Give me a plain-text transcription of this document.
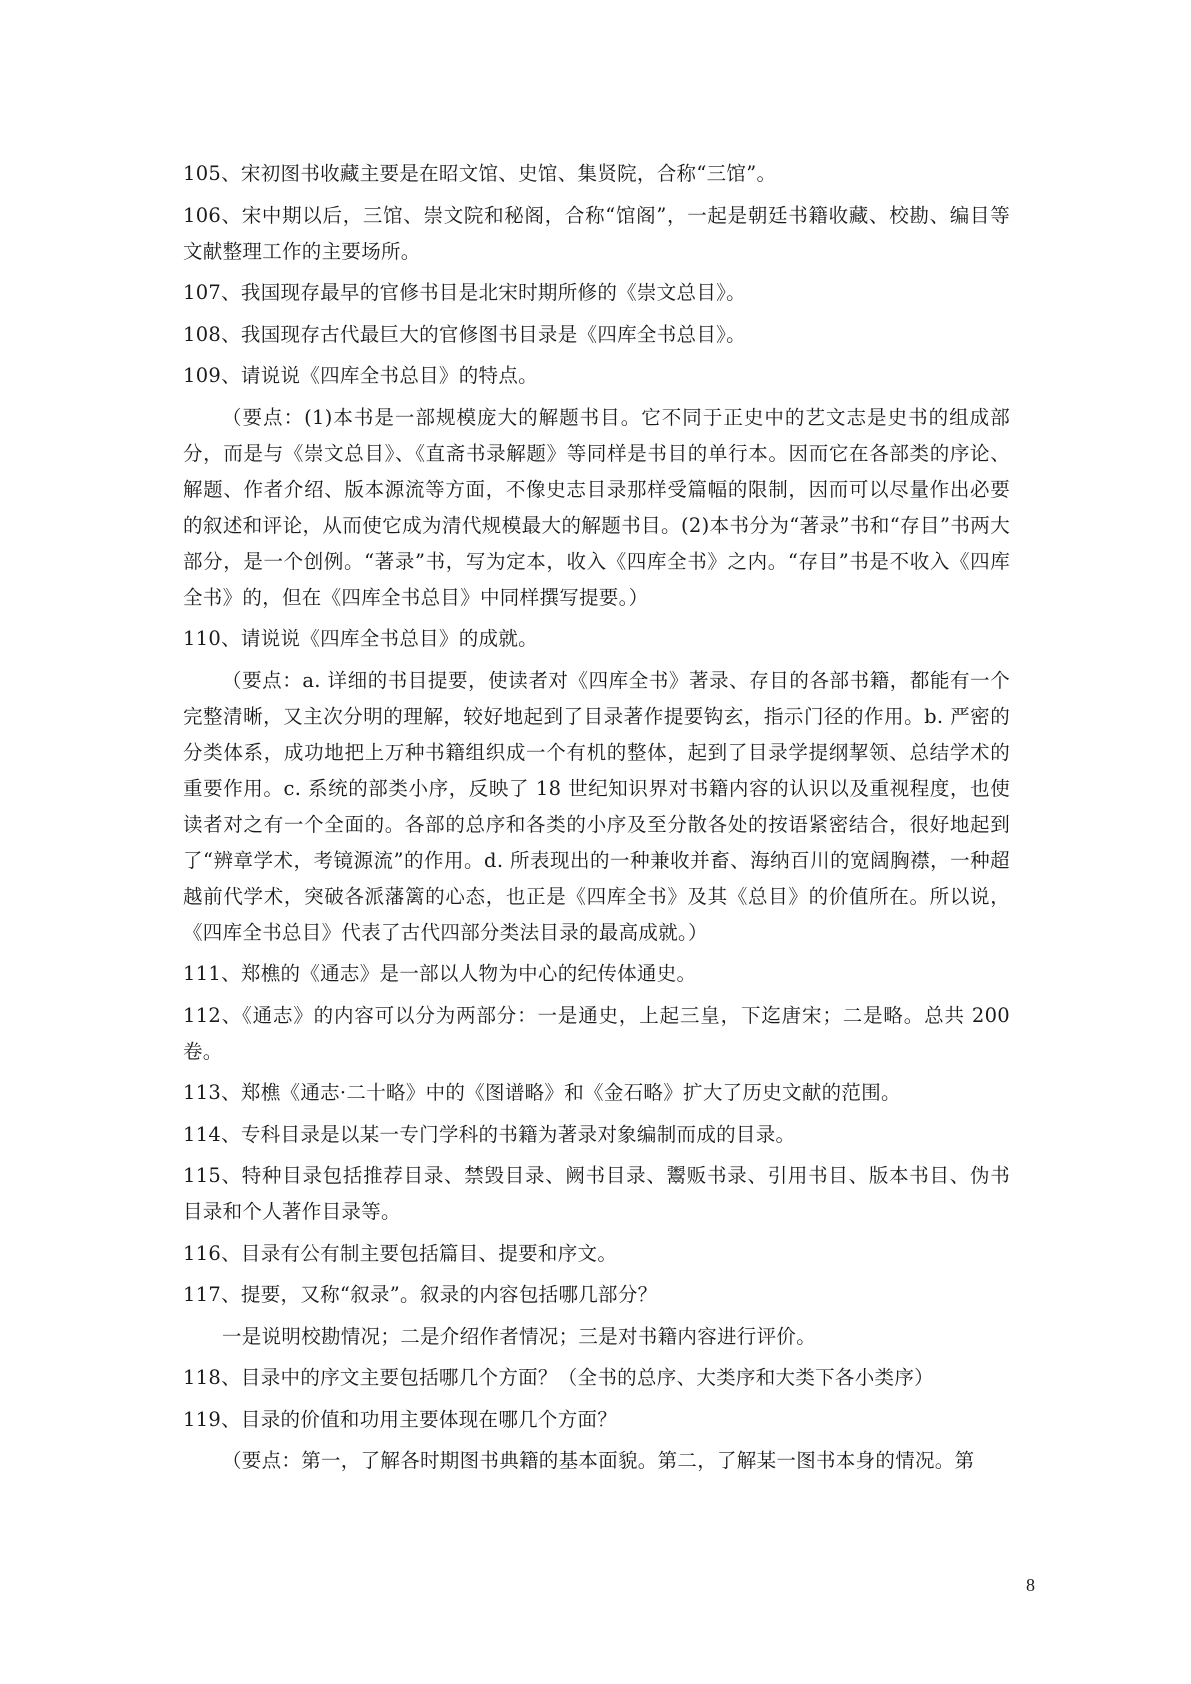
105、宋初图书收藏主要是在昭文馆、史馆、集贤院，合称“三馆”。

106、宋中期以后，三馆、崇文院和秘阁，合称“馆阁”，一起是朝廷书籍收藏、校勘、编目等文献整理工作的主要场所。

107、我国现存最早的官修书目是北宋时期所修的《崇文总目》。

108、我国现存古代最巨大的官修图书目录是《四库全书总目》。

109、请说说《四库全书总目》的特点。

（要点：(1)本书是一部规模庞大的解题书目。它不同于正史中的艺文志是史书的组成部分，而是与《崇文总目》、《直斋书录解题》等同样是书目的单行本。因而它在各部类的序论、解题、作者介绍、版本源流等方面，不像史志目录那样受篇幅的限制，因而可以尽量作出必要的叙述和评论，从而使它成为清代规模最大的解题书目。(2)本书分为“著录”书和“存目”书两大部分，是一个创例。“著录”书，写为定本，收入《四库全书》之内。“存目”书是不收入《四库全书》的，但在《四库全书总目》中同样撰写提要。）

110、请说说《四库全书总目》的成就。

（要点：a. 详细的书目提要，使读者对《四库全书》著录、存目的各部书籍，都能有一个完整清晰，又主次分明的理解，较好地起到了目录著作提要钩玄，指示门径的作用。b. 严密的分类体系，成功地把上万种书籍组织成一个有机的整体，起到了目录学提纲挈领、总结学术的重要作用。c. 系统的部类小序，反映了 18 世纪知识界对书籍内容的认识以及重视程度，也使读者对之有一个全面的。各部的总序和各类的小序及至分散各处的按语紧密结合，很好地起到了“辨章学术，考镜源流”的作用。d. 所表现出的一种兼收并畜、海纳百川的宽阔胸襟，一种超越前代学术，突破各派藩篱的心态，也正是《四库全书》及其《总目》的价值所在。所以说，《四库全书总目》代表了古代四部分类法目录的最高成就。）

111、郑樵的《通志》是一部以人物为中心的纪传体通史。

112、《通志》的内容可以分为两部分：一是通史，上起三皇，下迄唐宋；二是略。总共 200 卷。

113、郑樵《通志·二十略》中的《图谱略》和《金石略》扩大了历史文献的范围。

114、专科目录是以某一专门学科的书籍为著录对象编制而成的目录。

115、特种目录包括推荐目录、禁毁目录、阙书目录、鬻贩书录、引用书目、版本书目、伪书目录和个人著作目录等。

116、目录有公有制主要包括篇目、提要和序文。

117、提要，又称“叙录”。叙录的内容包括哪几部分？

一是说明校勘情况；二是介绍作者情况；三是对书籍内容进行评价。

118、目录中的序文主要包括哪几个方面？（全书的总序、大类序和大类下各小类序）

119、目录的价值和功用主要体现在哪几个方面？

（要点：第一，了解各时期图书典籍的基本面貌。第二，了解某一图书本身的情况。第

8
